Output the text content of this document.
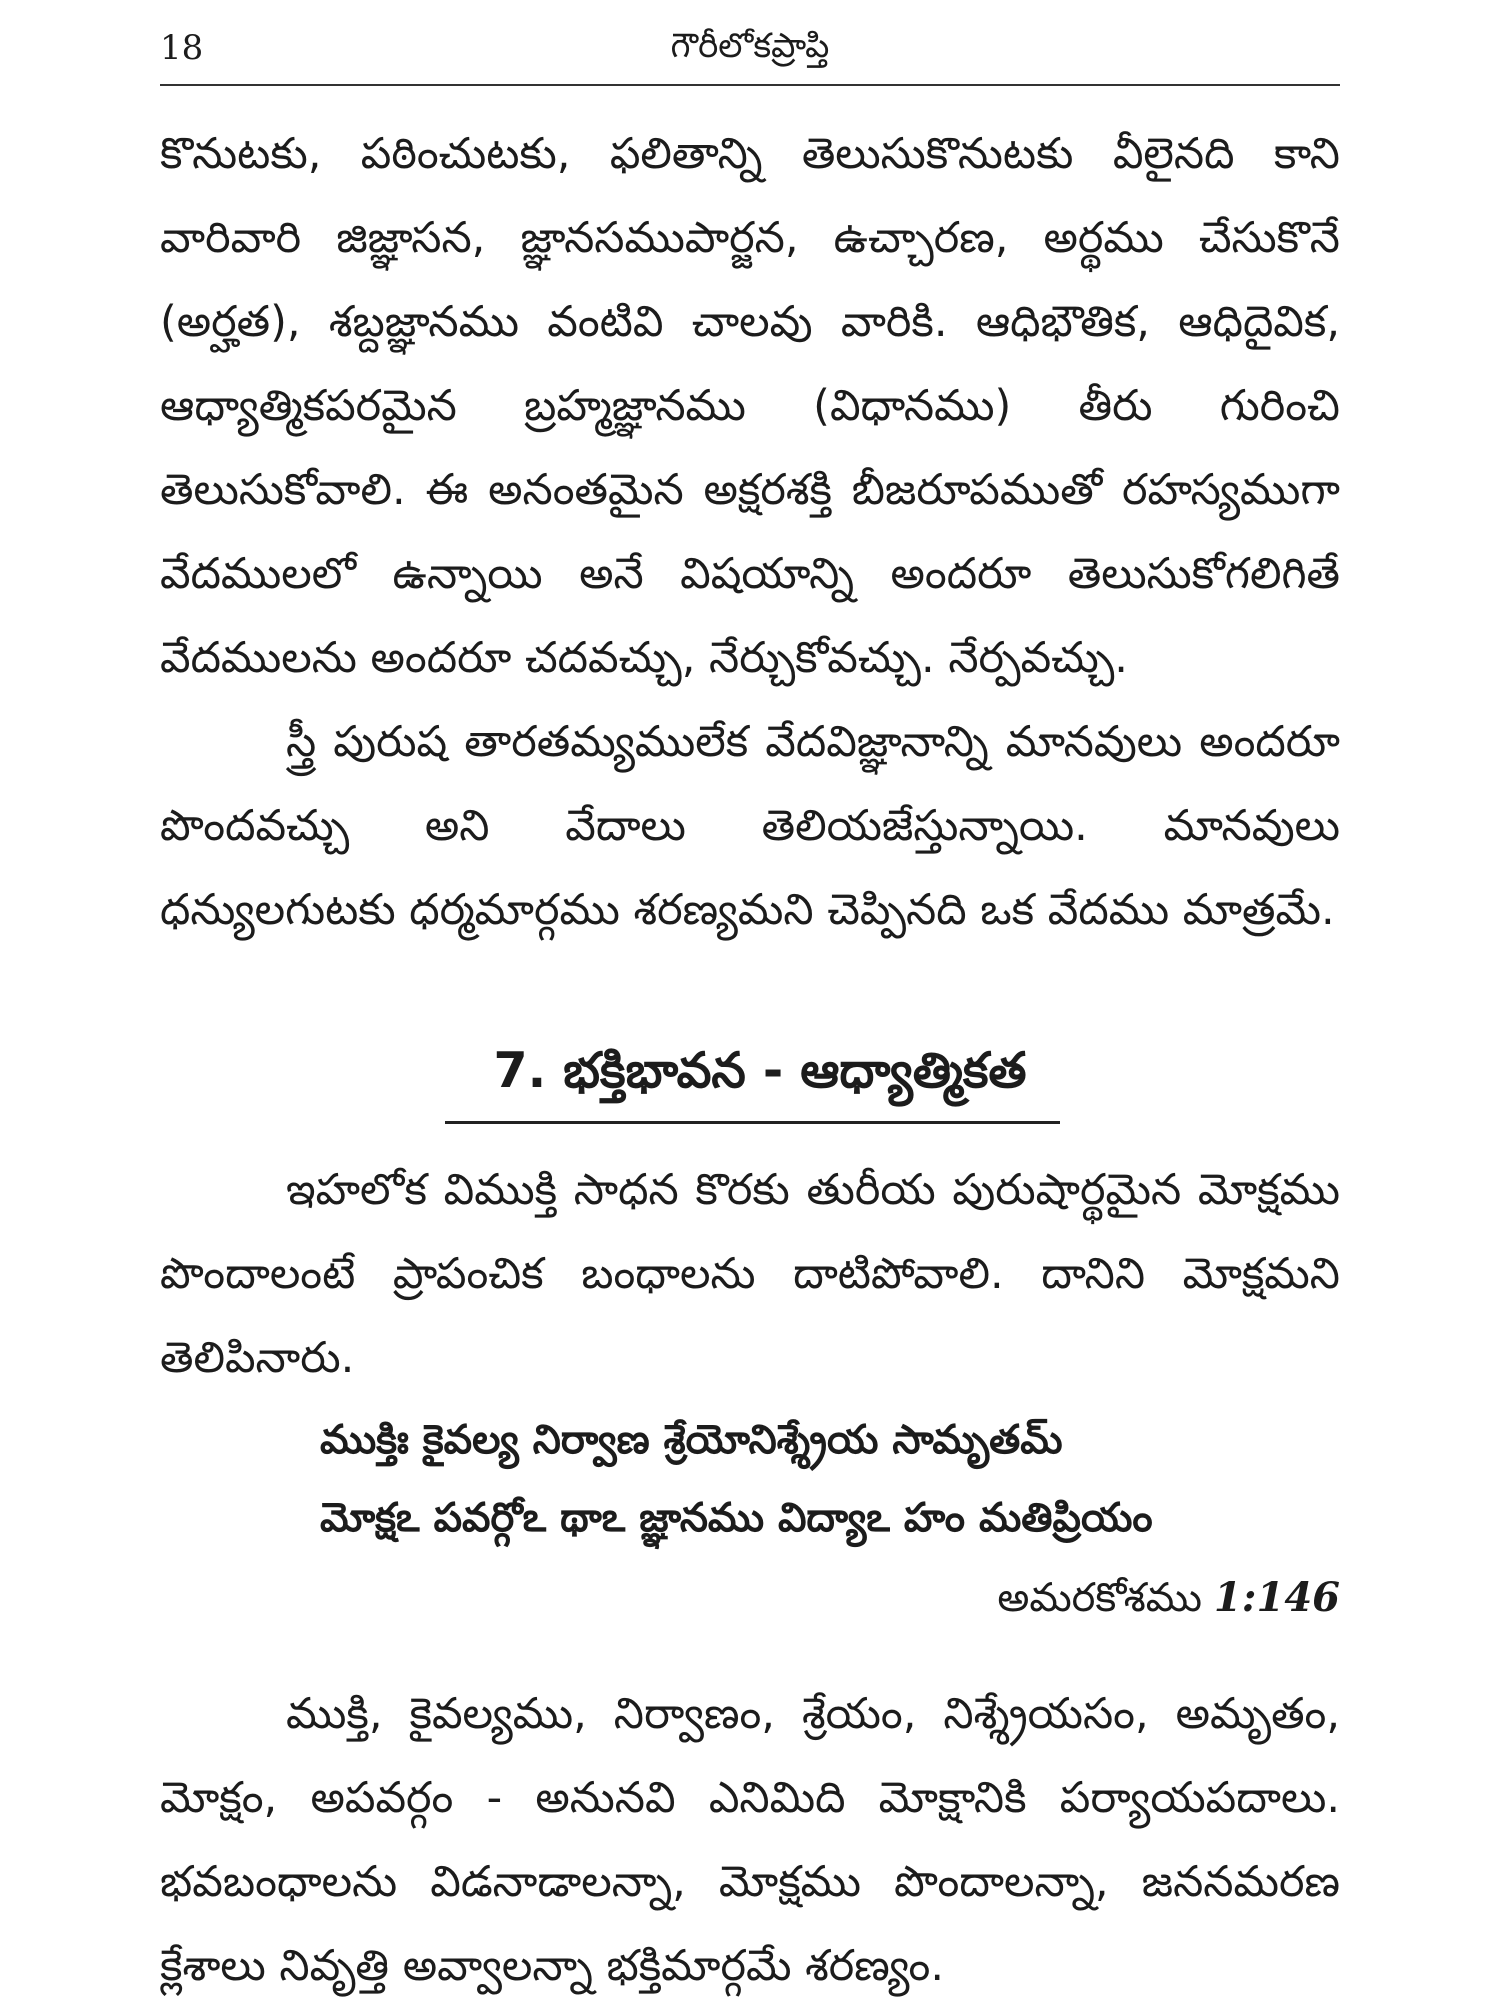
18	గౌరీలోకప్రాప్తి

కొనుటకు, పఠించుటకు, ఫలితాన్ని తెలుసుకొనుటకు వీలైనది కాని వారివారి జిజ్ఞాసన, జ్ఞానసముపార్జన, ఉచ్చారణ, అర్థము చేసుకొనే (అర్హత), శబ్దజ్ఞానము వంటివి చాలవు వారికి. ఆధిభౌతిక, ఆధిదైవిక, ఆధ్యాత్మికపరమైన బ్రహ్మజ్ఞానము (విధానము) తీరు గురించి తెలుసుకోవాలి. ఈ అనంతమైన అక్షరశక్తి బీజరూపముతో రహస్యముగా వేదములలో ఉన్నాయి అనే విషయాన్ని అందరూ తెలుసుకోగలిగితే వేదములను అందరూ చదవచ్చు, నేర్చుకోవచ్చు. నేర్పవచ్చు.

స్త్రీ పురుష తారతమ్యములేక వేదవిజ్ఞానాన్ని మానవులు అందరూ పొందవచ్చు అని వేదాలు తెలియజేస్తున్నాయి. మానవులు ధన్యులగుటకు ధర్మమార్గము శరణ్యమని చెప్పినది ఒక వేదము మాత్రమే.

7. భక్తిభావన - ఆధ్యాత్మికత

ఇహలోక విముక్తి సాధన కొరకు తురీయ పురుషార్థమైన మోక్షము పొందాలంటే ప్రాపంచిక బంధాలను దాటిపోవాలి. దానిని మోక్షమని తెలిపినారు.

ముక్తిః కైవల్య నిర్వాణ శ్రేయోనిశ్శ్రేయ సామృతమ్
మోక్షఽ పవర్గోఽ థాఽ జ్ఞానము విద్యాఽ హం మతిప్రియం
అమరకోశము 1:146

ముక్తి, కైవల్యము, నిర్వాణం, శ్రేయం, నిశ్శ్రేయసం, అమృతం, మోక్షం, అపవర్గం - అనునవి ఎనిమిది మోక్షానికి పర్యాయపదాలు. భవబంధాలను విడనాడాలన్నా, మోక్షము పొందాలన్నా, జననమరణ క్లేశాలు నివృత్తి అవ్వాలన్నా భక్తిమార్గమే శరణ్యం.
